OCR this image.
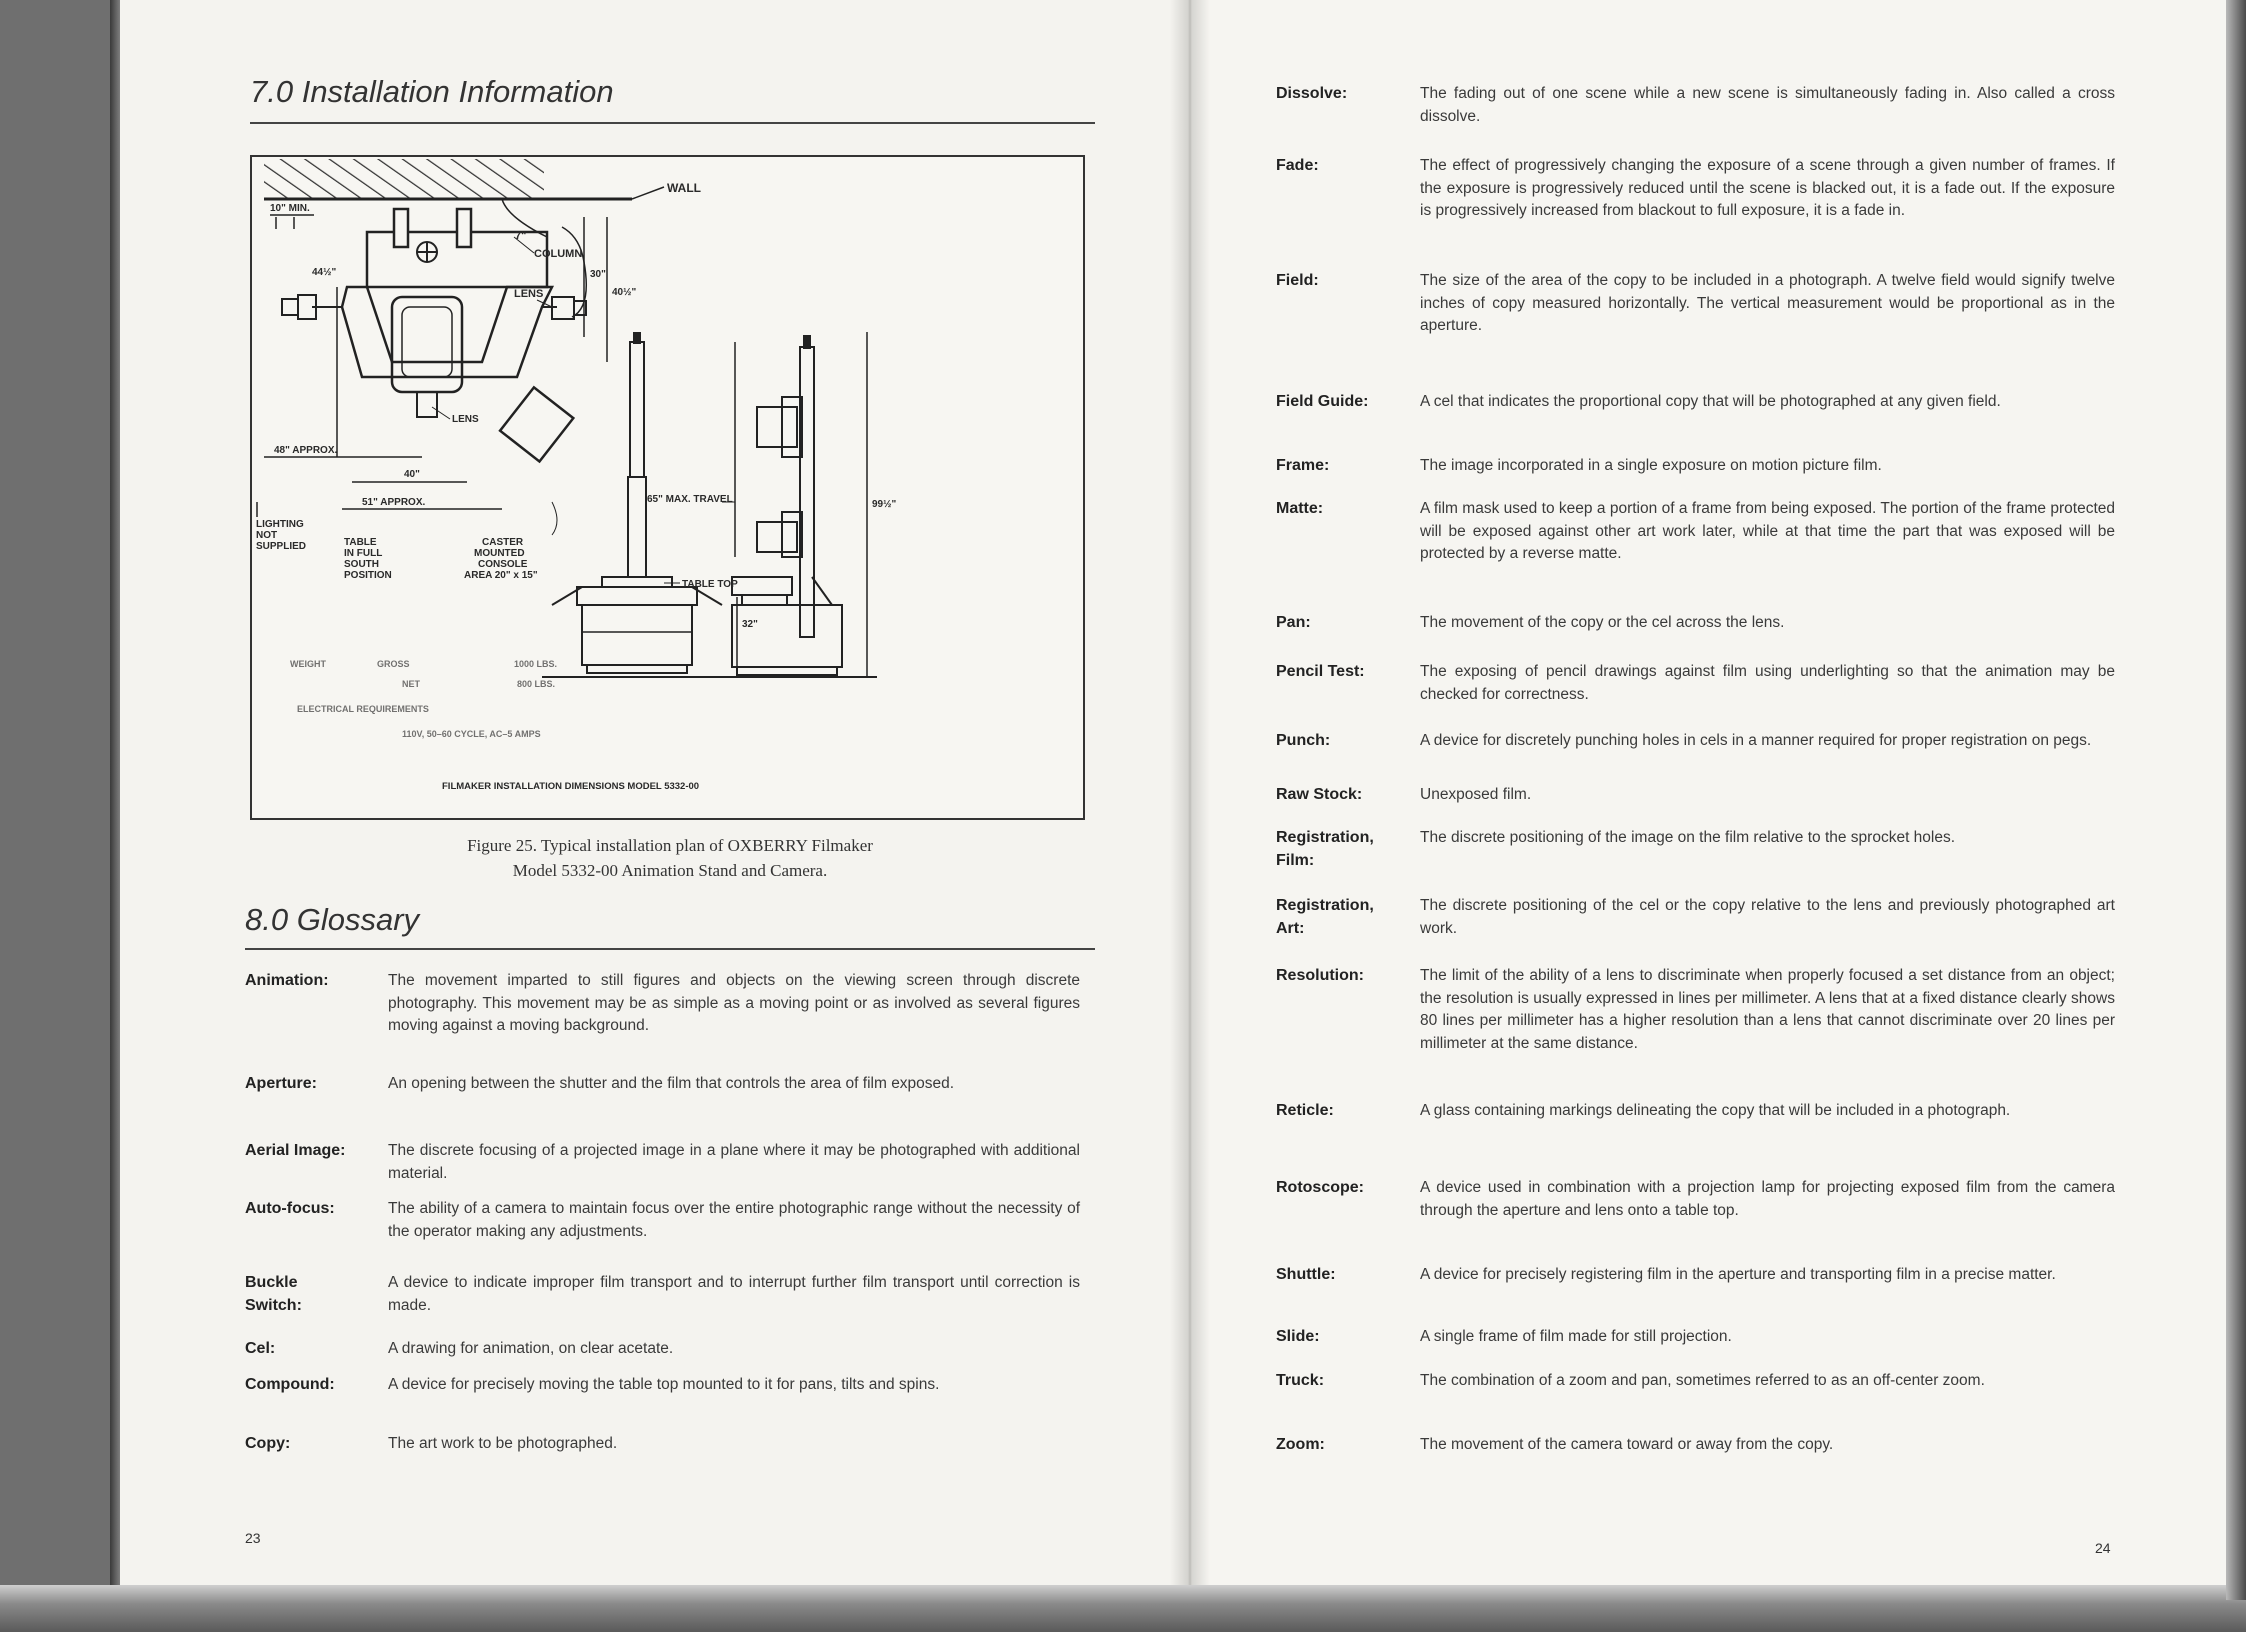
7.0 Installation Information
WALL
10" MIN.
44½"
7"
COLUMN
30"
40½"
LENS
LENS
48" APPROX.
40"
51" APPROX.
LIGHTING
NOT
SUPPLIED	TABLE
IN FULL
SOUTH
POSITION
CASTER
MOUNTED
CONSOLE
AREA 20" x 15"
65" MAX. TRAVEL
TABLE TOP
32"
99½"
WEIGHT	GROSS	1000 LBS.
NET	800 LBS.
ELECTRICAL REQUIREMENTS
110V, 50–60 CYCLE, AC–5 AMPS
FILMAKER INSTALLATION DIMENSIONS MODEL 5332-00
Figure 25. Typical installation plan of OXBERRY Filmaker
Model 5332-00 Animation Stand and Camera.
8.0 Glossary
Animation:	The movement imparted to still figures and objects on the viewing screen through discrete photography. This movement may be as simple as a moving point or as involved as several figures moving against a moving background.
Aperture:	An opening between the shutter and the film that controls the area of film exposed.
Aerial Image:	The discrete focusing of a projected image in a plane where it may be photographed with additional material.
Auto-focus:	The ability of a camera to maintain focus over the entire photographic range without the necessity of the operator making any adjustments.
Buckle
Switch:
A device to indicate improper film transport and to interrupt further film transport until correction is made.
Cel:	A drawing for animation, on clear acetate.
Compound:	A device for precisely moving the table top mounted to it for pans, tilts and spins.
Copy:	The art work to be photographed.
23
Dissolve:	The fading out of one scene while a new scene is simultaneously fading in. Also called a cross dissolve.
Fade:	The effect of progressively changing the exposure of a scene through a given number of frames. If the exposure is progressively reduced until the scene is blacked out, it is a fade out. If the exposure is progressively increased from blackout to full exposure, it is a fade in.
Field:	The size of the area of the copy to be included in a photograph. A twelve field would signify twelve inches of copy measured horizontally. The vertical measurement would be proportional as in the aperture.
Field Guide:	A cel that indicates the proportional copy that will be photographed at any given field.
Frame:	The image incorporated in a single exposure on motion picture film.
Matte:	A film mask used to keep a portion of a frame from being exposed. The portion of the frame protected will be exposed against other art work later, while at that time the part that was exposed will be protected by a reverse matte.
Pan:	The movement of the copy or the cel across the lens.
Pencil Test:	The exposing of pencil drawings against film using underlighting so that the animation may be checked for correctness.
Punch:	A device for discretely punching holes in cels in a manner required for proper registration on pegs.
Raw Stock:	Unexposed film.
Registration,
Film:
The discrete positioning of the image on the film relative to the sprocket holes.
Registration,
Art:
The discrete positioning of the cel or the copy relative to the lens and previously photographed art work.
Resolution:	The limit of the ability of a lens to discriminate when properly focused a set distance from an object; the resolution is usually expressed in lines per millimeter. A lens that at a fixed distance clearly shows 80 lines per millimeter has a higher resolution than a lens that cannot discriminate over 20 lines per millimeter at the same distance.
Reticle:	A glass containing markings delineating the copy that will be included in a photograph.
Rotoscope:	A device used in combination with a projection lamp for projecting exposed film from the camera through the aperture and lens onto a table top.
Shuttle:	A device for precisely registering film in the aperture and transporting film in a precise matter.
Slide:	A single frame of film made for still projection.
Truck:	The combination of a zoom and pan, sometimes referred to as an off-center zoom.
Zoom:	The movement of the camera toward or away from the copy.
24
